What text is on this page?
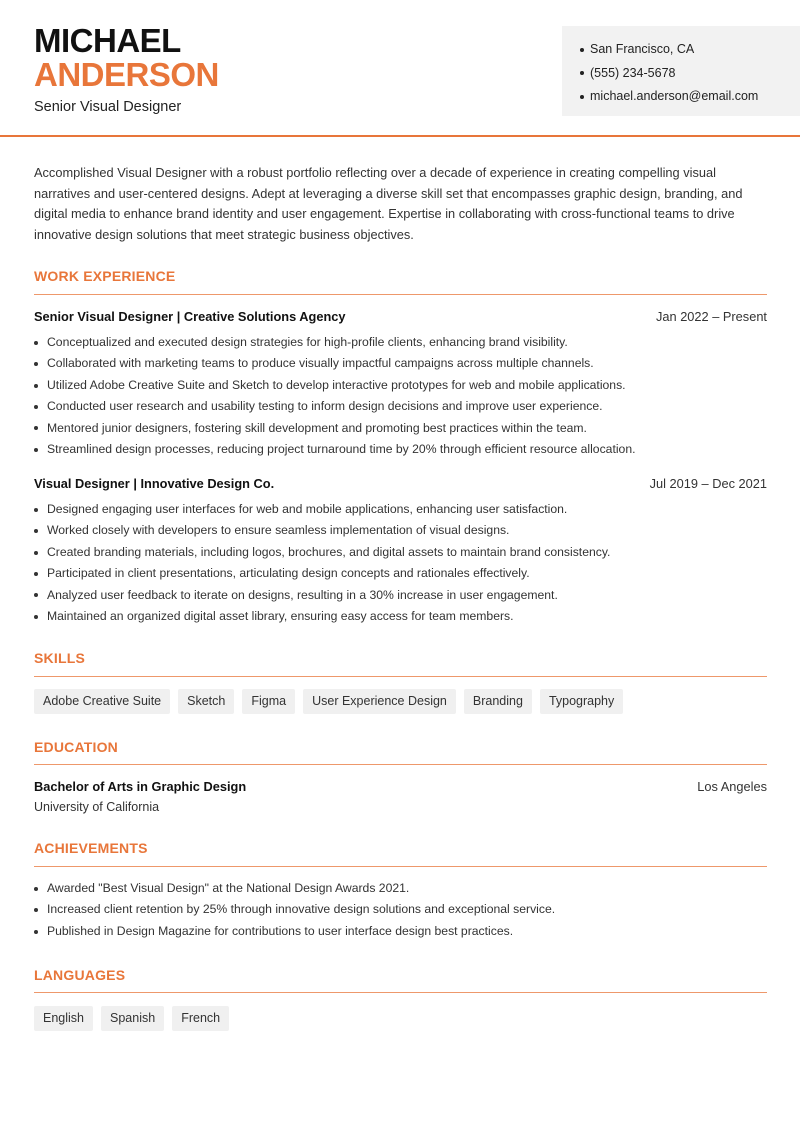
MICHAEL
ANDERSON
Senior Visual Designer
San Francisco, CA
(555) 234-5678
michael.anderson@email.com

Accomplished Visual Designer with a robust portfolio reflecting over a decade of experience in creating compelling visual narratives and user-centered designs. Adept at leveraging a diverse skill set that encompasses graphic design, branding, and digital media to enhance brand identity and user engagement. Expertise in collaborating with cross-functional teams to drive innovative design solutions that meet strategic business objectives.

WORK EXPERIENCE
Senior Visual Designer | Creative Solutions Agency	Jan 2022 – Present
Conceptualized and executed design strategies for high-profile clients, enhancing brand visibility.
Collaborated with marketing teams to produce visually impactful campaigns across multiple channels.
Utilized Adobe Creative Suite and Sketch to develop interactive prototypes for web and mobile applications.
Conducted user research and usability testing to inform design decisions and improve user experience.
Mentored junior designers, fostering skill development and promoting best practices within the team.
Streamlined design processes, reducing project turnaround time by 20% through efficient resource allocation.
Visual Designer | Innovative Design Co.	Jul 2019 – Dec 2021
Designed engaging user interfaces for web and mobile applications, enhancing user satisfaction.
Worked closely with developers to ensure seamless implementation of visual designs.
Created branding materials, including logos, brochures, and digital assets to maintain brand consistency.
Participated in client presentations, articulating design concepts and rationales effectively.
Analyzed user feedback to iterate on designs, resulting in a 30% increase in user engagement.
Maintained an organized digital asset library, ensuring easy access for team members.
SKILLS
Adobe Creative Suite	Sketch	Figma	User Experience Design	Branding	Typography
EDUCATION
Bachelor of Arts in Graphic Design	Los Angeles
University of California
ACHIEVEMENTS
Awarded "Best Visual Design" at the National Design Awards 2021.
Increased client retention by 25% through innovative design solutions and exceptional service.
Published in Design Magazine for contributions to user interface design best practices.
LANGUAGES
English	Spanish	French
